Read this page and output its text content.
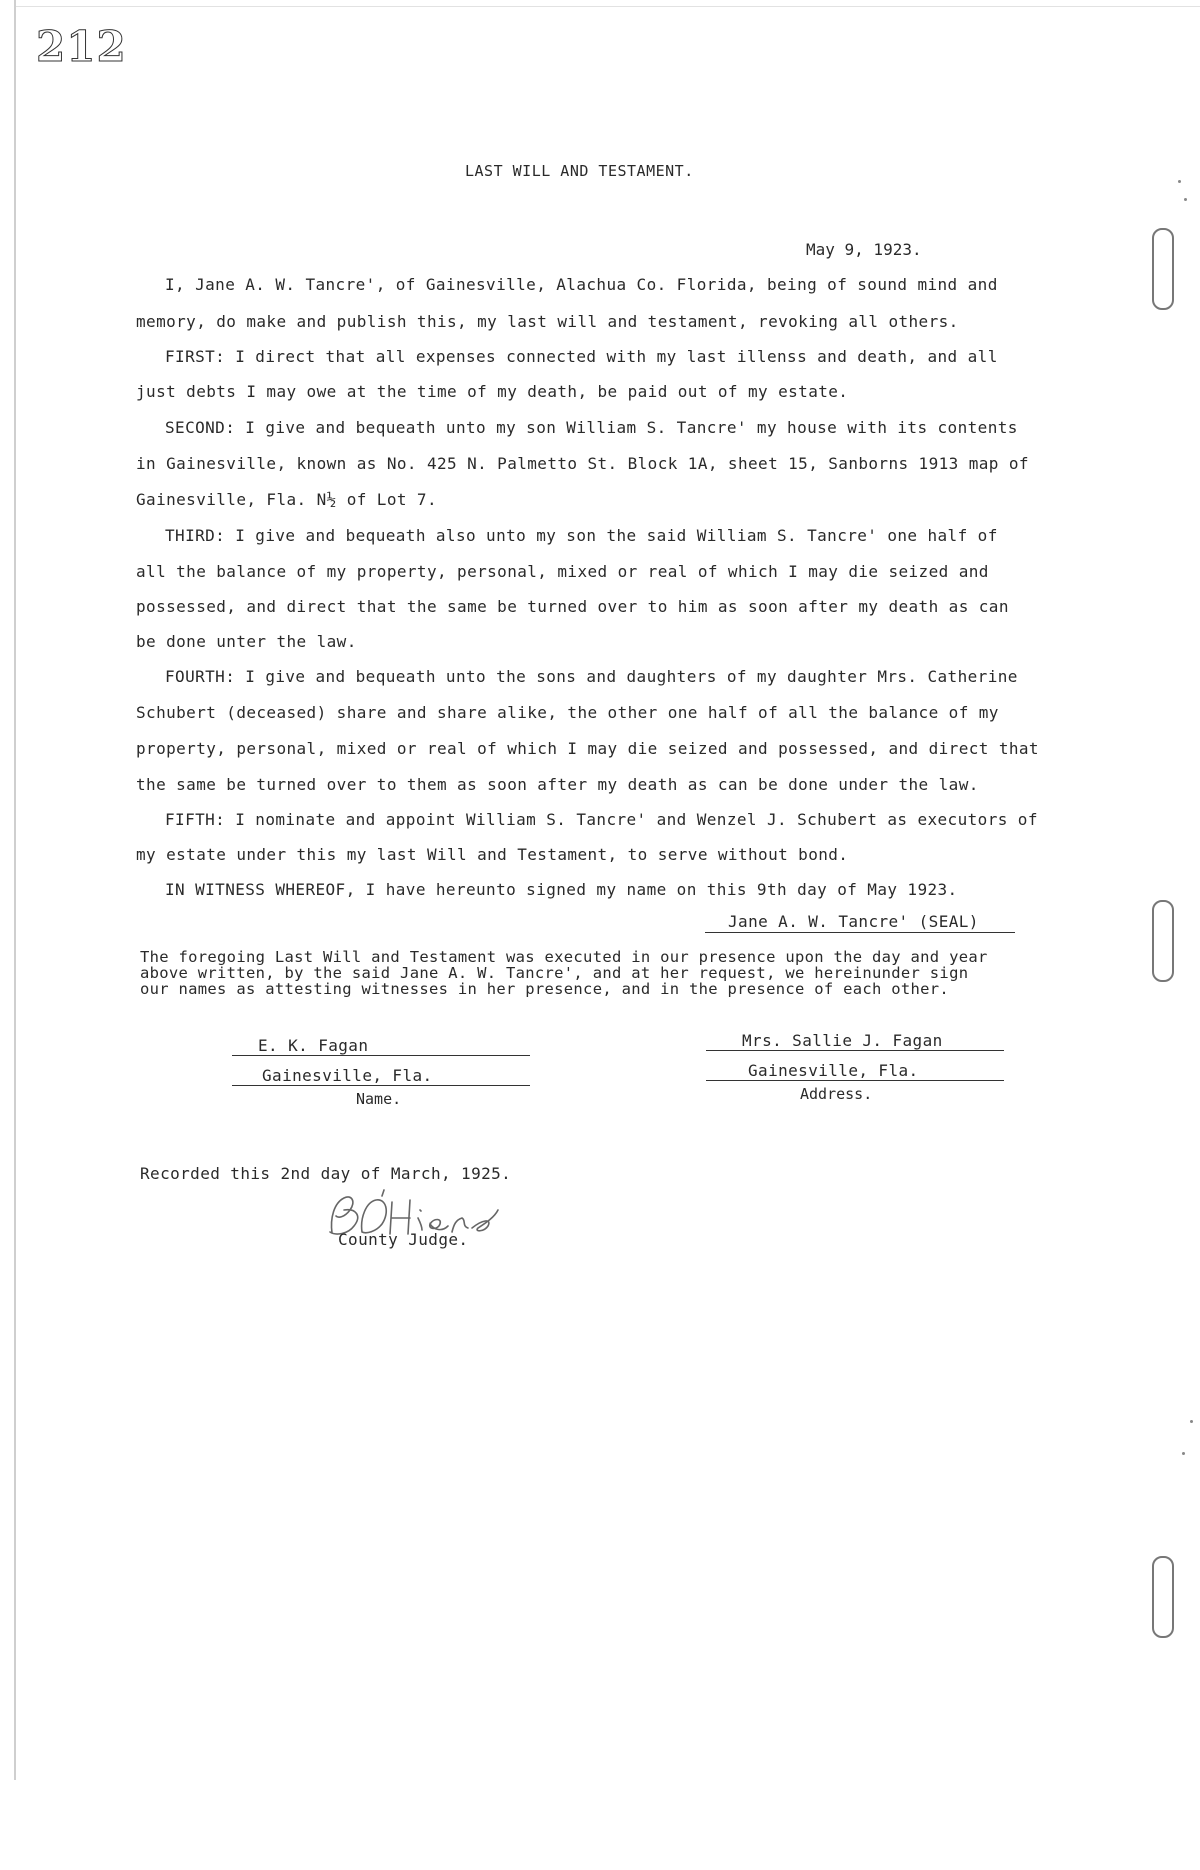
212
LAST WILL AND TESTAMENT.
May 9, 1923.
I, Jane A. W. Tancre', of Gainesville, Alachua Co. Florida, being of sound mind and
memory, do make and publish this, my last will and testament, revoking all others.
FIRST: I direct that all expenses connected with my last illenss and death, and all
just debts I may owe at the time of my death, be paid out of my estate.
SECOND: I give and bequeath unto my son William S. Tancre' my house with its contents
in Gainesville, known as No. 425 N. Palmetto St. Block 1A, sheet 15, Sanborns 1913 map of
Gainesville, Fla. N½ of Lot 7.
THIRD: I give and bequeath also unto my son the said William S. Tancre' one half of
all the balance of my property, personal, mixed or real of which I may die seized and
possessed, and direct that the same be turned over to him as soon after my death as can
be done unter the law.
FOURTH: I give and bequeath unto the sons and daughters of my daughter Mrs. Catherine
Schubert (deceased) share and share alike, the other one half of all the balance of my
property, personal, mixed or real of which I may die seized and possessed, and direct that
the same be turned over to them as soon after my death as can be done under the law.
FIFTH: I nominate and appoint William S. Tancre' and Wenzel J. Schubert as executors of
my estate under this my last Will and Testament, to serve without bond.
IN WITNESS WHEREOF, I have hereunto signed my name on this 9th day of May 1923.
Jane A. W. Tancre' (SEAL)
The foregoing Last Will and Testament was executed in our presence upon the day and year
above written, by the said Jane A. W. Tancre', and at her request, we hereinunder sign
our names as attesting witnesses in her presence, and in the presence of each other.
E. K. Fagan
Gainesville, Fla.
Name.
Mrs. Sallie J. Fagan
Gainesville, Fla.
Address.
Recorded this 2nd day of March, 1925.
County Judge.
